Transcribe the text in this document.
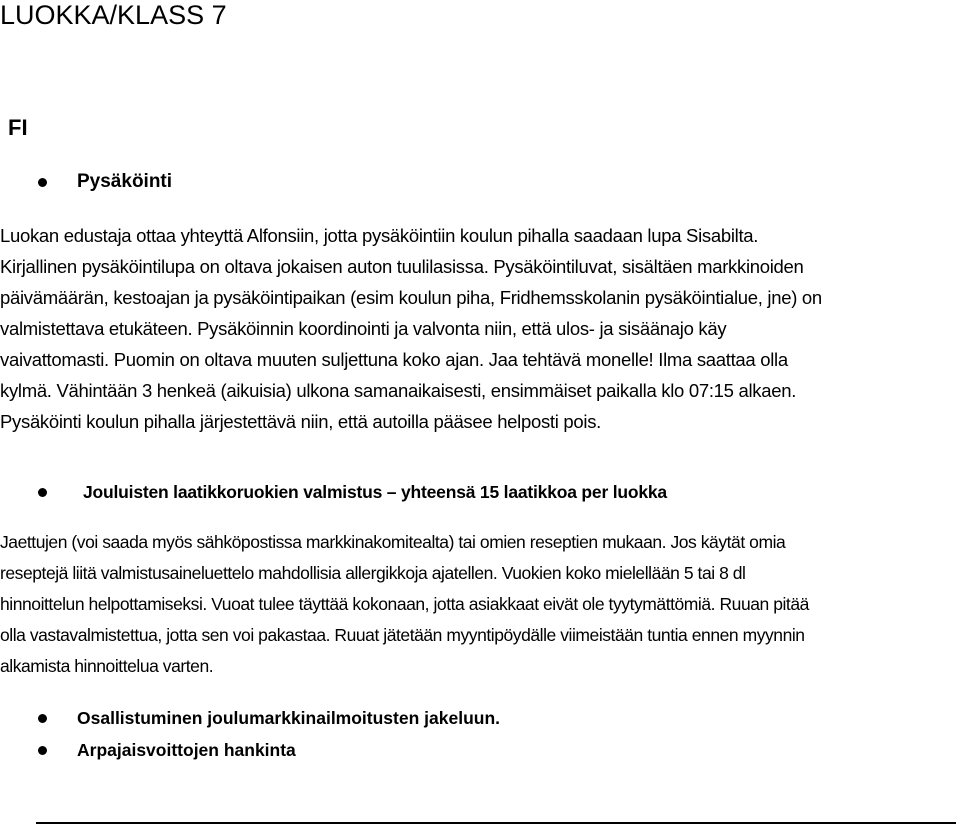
LUOKKA/KLASS 7
FI
Pysäköinti
Luokan edustaja ottaa yhteyttä Alfonsiin, jotta pysäköintiin koulun pihalla saadaan lupa Sisabilta.
Kirjallinen pysäköintilupa on oltava jokaisen auton tuulilasissa. Pysäköintiluvat, sisältäen markkinoiden
päivämäärän, kestoajan ja pysäköintipaikan (esim koulun piha, Fridhemsskolanin pysäköintialue, jne) on
valmistettava etukäteen. Pysäköinnin koordinointi ja valvonta niin, että ulos- ja sisäänajo käy
vaivattomasti. Puomin on oltava muuten suljettuna koko ajan. Jaa tehtävä monelle! Ilma saattaa olla
kylmä. Vähintään 3 henkeä (aikuisia) ulkona samanaikaisesti, ensimmäiset paikalla klo 07:15 alkaen.
Pysäköinti koulun pihalla järjestettävä niin, että autoilla pääsee helposti pois.
Jouluisten laatikkoruokien valmistus – yhteensä 15 laatikkoa per luokka
Jaettujen (voi saada myös sähköpostissa markkinakomitealta) tai omien reseptien mukaan. Jos käytät omia
reseptejä liitä valmistusaineluettelo mahdollisia allergikkoja ajatellen. Vuokien koko mielellään 5 tai 8 dl
hinnoittelun helpottamiseksi. Vuoat tulee täyttää kokonaan, jotta asiakkaat eivät ole tyytymättömiä. Ruuan pitää
olla vastavalmistettua, jotta sen voi pakastaa. Ruuat jätetään myyntipöydälle viimeistään tuntia ennen myynnin
alkamista hinnoittelua varten.
Osallistuminen joulumarkkinailmoitusten jakeluun.
Arpajaisvoittojen hankinta
